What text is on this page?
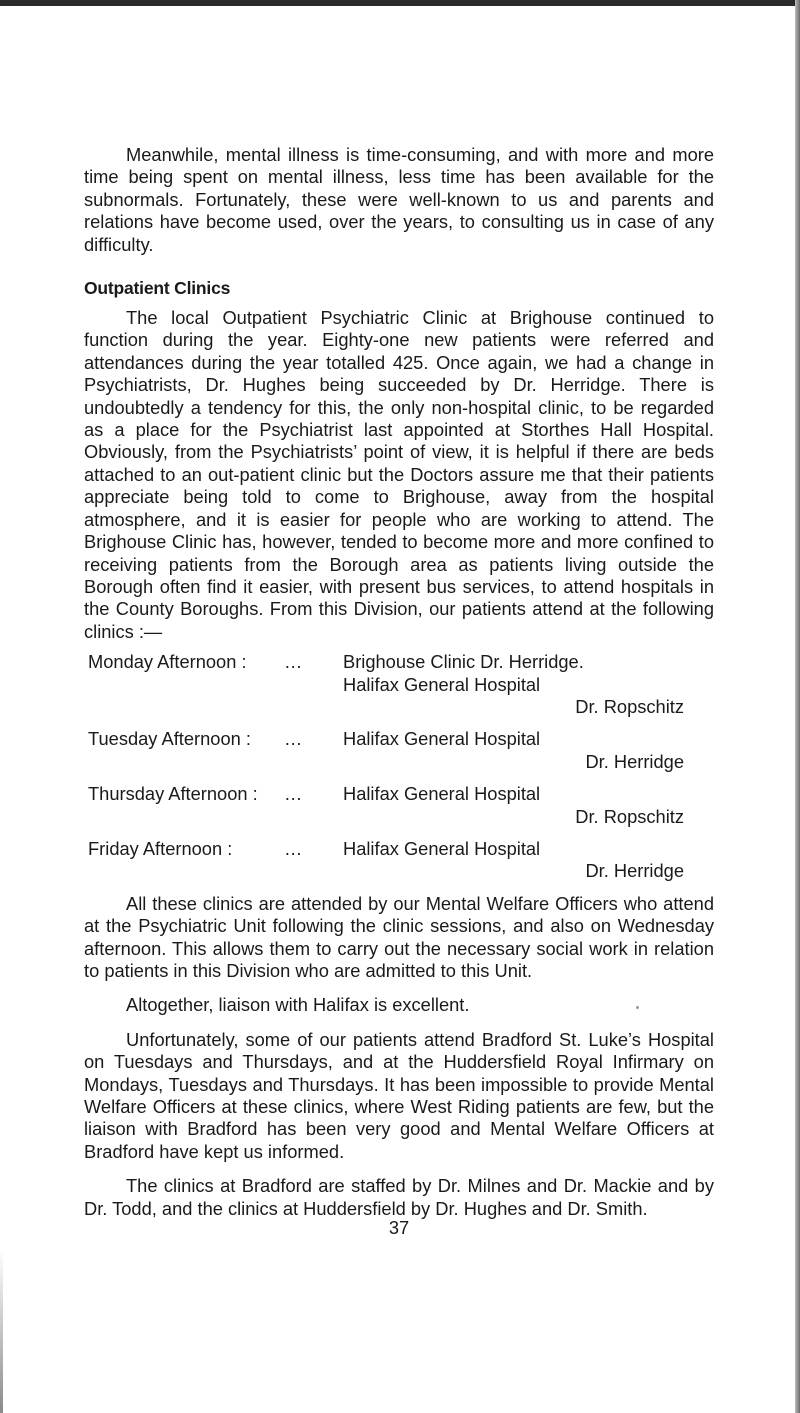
Meanwhile, mental illness is time-consuming, and with more and more time being spent on mental illness, less time has been available for the subnormals. Fortunately, these were well-known to us and parents and relations have become used, over the years, to consulting us in case of any difficulty.

Outpatient Clinics

The local Outpatient Psychiatric Clinic at Brighouse continued to function during the year. Eighty-one new patients were referred and attendances during the year totalled 425. Once again, we had a change in Psychiatrists, Dr. Hughes being succeeded by Dr. Herridge. There is undoubtedly a tendency for this, the only non-hospital clinic, to be regarded as a place for the Psychiatrist last appointed at Storthes Hall Hospital. Obviously, from the Psychiatrists’ point of view, it is helpful if there are beds attached to an out-patient clinic but the Doctors assure me that their patients appreciate being told to come to Brighouse, away from the hospital atmosphere, and it is easier for people who are working to attend. The Brighouse Clinic has, however, tended to become more and more confined to receiving patients from the Borough area as patients living outside the Borough often find it easier, with present bus services, to attend hospitals in the County Boroughs. From this Division, our patients attend at the following clinics :—

Monday Afternoon :	…	Brighouse Clinic Dr. Herridge.
Halifax General Hospital
Dr. Ropschitz
Tuesday Afternoon :	…	Halifax General Hospital
Dr. Herridge
Thursday Afternoon :	…	Halifax General Hospital
Dr. Ropschitz
Friday Afternoon :	…	Halifax General Hospital
Dr. Herridge

All these clinics are attended by our Mental Welfare Officers who attend at the Psychiatric Unit following the clinic sessions, and also on Wednesday afternoon. This allows them to carry out the necessary social work in relation to patients in this Division who are admitted to this Unit.

Altogether, liaison with Halifax is excellent.

Unfortunately, some of our patients attend Bradford St. Luke’s Hospital on Tuesdays and Thursdays, and at the Huddersfield Royal Infirmary on Mondays, Tuesdays and Thursdays. It has been impossible to provide Mental Welfare Officers at these clinics, where West Riding patients are few, but the liaison with Bradford has been very good and Mental Welfare Officers at Bradford have kept us informed.

The clinics at Bradford are staffed by Dr. Milnes and Dr. Mackie and by Dr. Todd, and the clinics at Huddersfield by Dr. Hughes and Dr. Smith.

37
